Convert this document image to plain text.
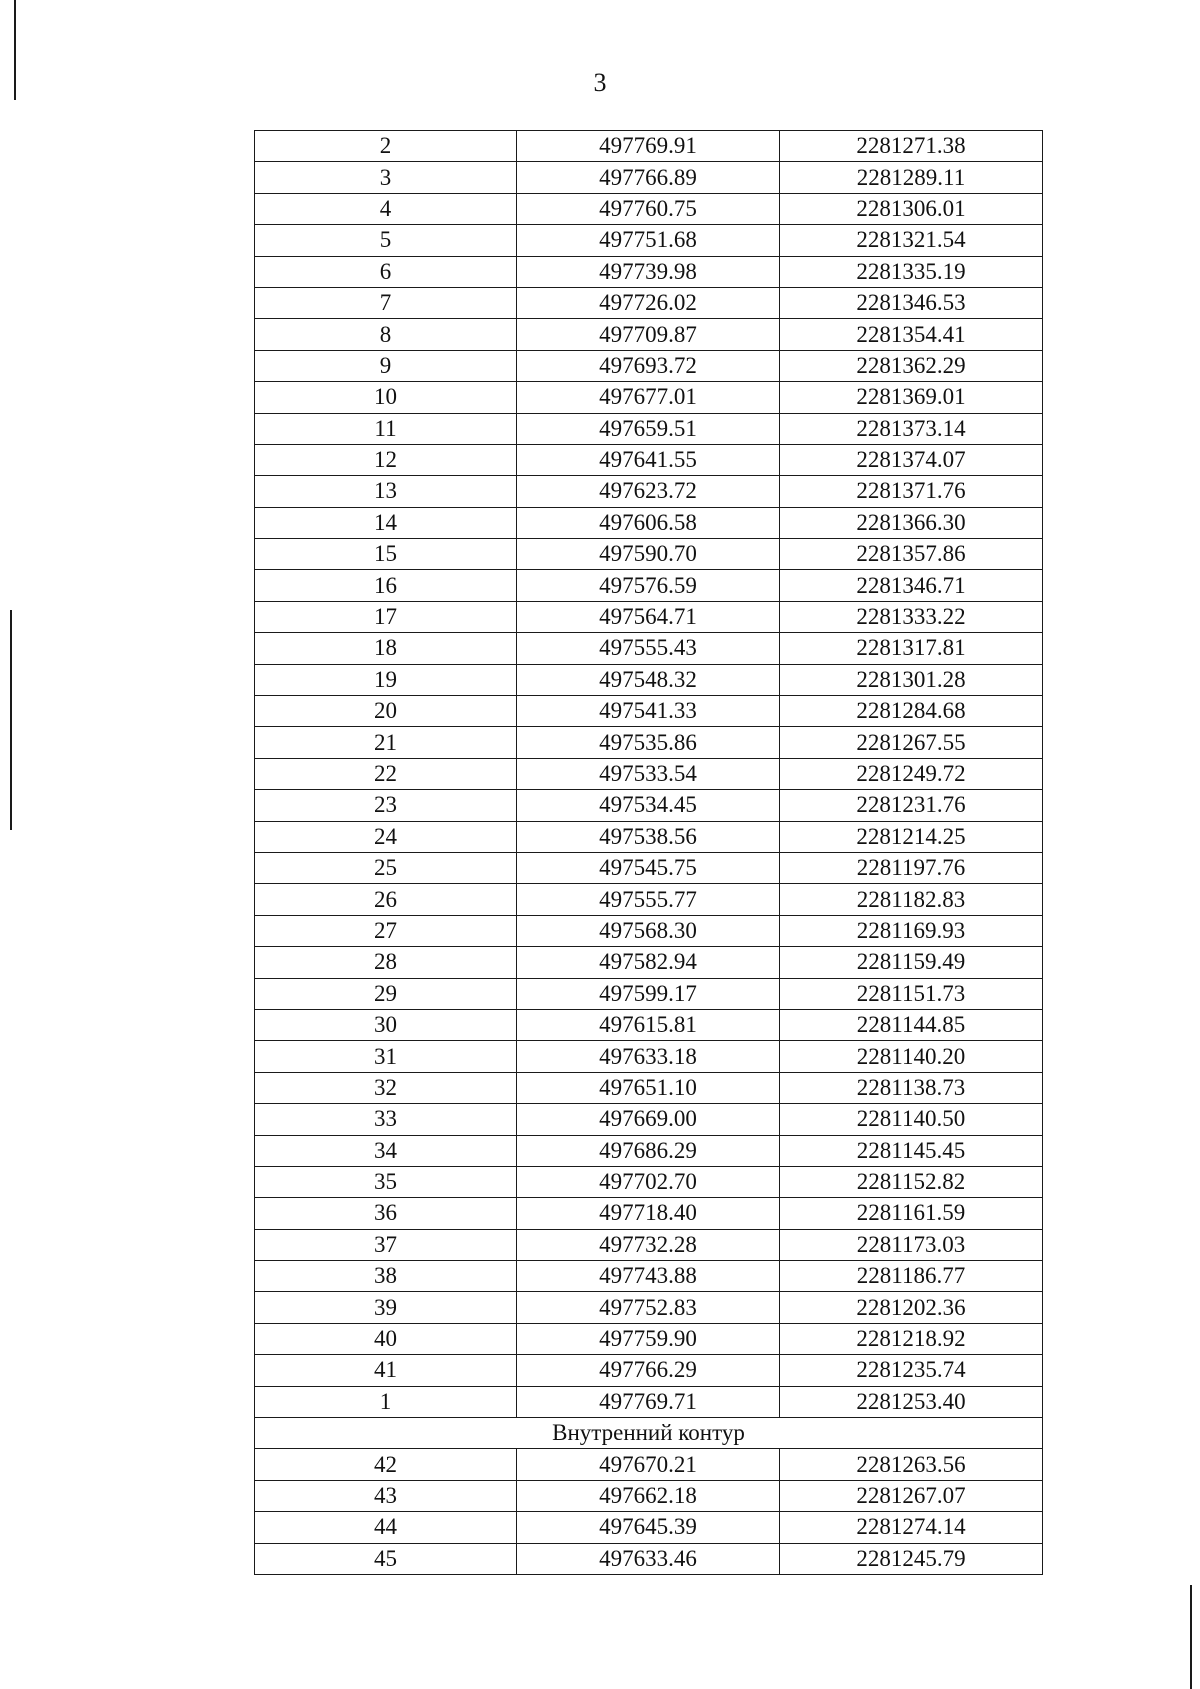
3
2	497769.91	2281271.38
3	497766.89	2281289.11
4	497760.75	2281306.01
5	497751.68	2281321.54
6	497739.98	2281335.19
7	497726.02	2281346.53
8	497709.87	2281354.41
9	497693.72	2281362.29
10	497677.01	2281369.01
11	497659.51	2281373.14
12	497641.55	2281374.07
13	497623.72	2281371.76
14	497606.58	2281366.30
15	497590.70	2281357.86
16	497576.59	2281346.71
17	497564.71	2281333.22
18	497555.43	2281317.81
19	497548.32	2281301.28
20	497541.33	2281284.68
21	497535.86	2281267.55
22	497533.54	2281249.72
23	497534.45	2281231.76
24	497538.56	2281214.25
25	497545.75	2281197.76
26	497555.77	2281182.83
27	497568.30	2281169.93
28	497582.94	2281159.49
29	497599.17	2281151.73
30	497615.81	2281144.85
31	497633.18	2281140.20
32	497651.10	2281138.73
33	497669.00	2281140.50
34	497686.29	2281145.45
35	497702.70	2281152.82
36	497718.40	2281161.59
37	497732.28	2281173.03
38	497743.88	2281186.77
39	497752.83	2281202.36
40	497759.90	2281218.92
41	497766.29	2281235.74
1	497769.71	2281253.40
Внутренний контур		
42	497670.21	2281263.56
43	497662.18	2281267.07
44	497645.39	2281274.14
45	497633.46	2281245.79
